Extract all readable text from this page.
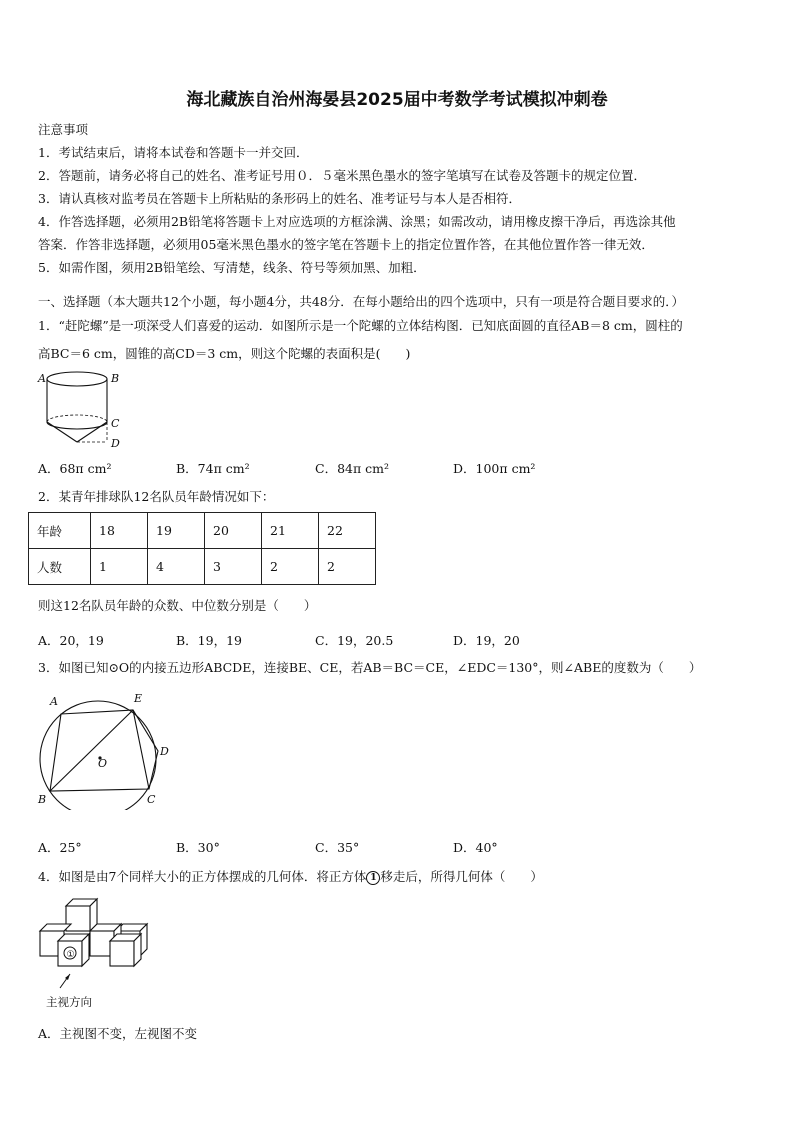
海北藏族自治州海晏县2025届中考数学考试模拟冲刺卷
注意事项
1．考试结束后，请将本试卷和答题卡一并交回．
2．答题前，请务必将自己的姓名、准考证号用０．５毫米黑色墨水的签字笔填写在试卷及答题卡的规定位置．
3．请认真核对监考员在答题卡上所粘贴的条形码上的姓名、准考证号与本人是否相符．
4．作答选择题，必须用2B铅笔将答题卡上对应选项的方框涂满、涂黑；如需改动，请用橡皮擦干净后，再选涂其他
答案．作答非选择题，必须用05毫米黑色墨水的签字笔在答题卡上的指定位置作答，在其他位置作答一律无效．
5．如需作图，须用2B铅笔绘、写清楚，线条、符号等须加黑、加粗．
一、选择题（本大题共12个小题，每小题4分，共48分．在每小题给出的四个选项中，只有一项是符合题目要求的．）
1．“赶陀螺”是一项深受人们喜爱的运动．如图所示是一个陀螺的立体结构图．已知底面圆的直径AB＝8 cm，圆柱的
高BC＝6 cm，圆锥的高CD＝3 cm，则这个陀螺的表面积是(　　)
A	B
C
D
A．68π cm²	B．74π cm²	C．84π cm²	D．100π cm²
2．某青年排球队12名队员年龄情况如下：
年龄	18	19	20	21	22
人数	1	4	3	2	2
则这12名队员年龄的众数、中位数分别是（　　）
A．20，19	B．19，19	C．19，20.5	D．19，20
3．如图已知⊙O的内接五边形ABCDE，连接BE、CE，若AB＝BC＝CE，∠EDC＝130°，则∠ABE的度数为（　　）
A	E
D
C
B
O
A．25°	B．30°	C．35°	D．40°
4．如图是由7个同样大小的正方体摆成的几何体．将正方体 1 移走后，所得几何体（　　）
①
主视方向
A．主视图不变，左视图不变
